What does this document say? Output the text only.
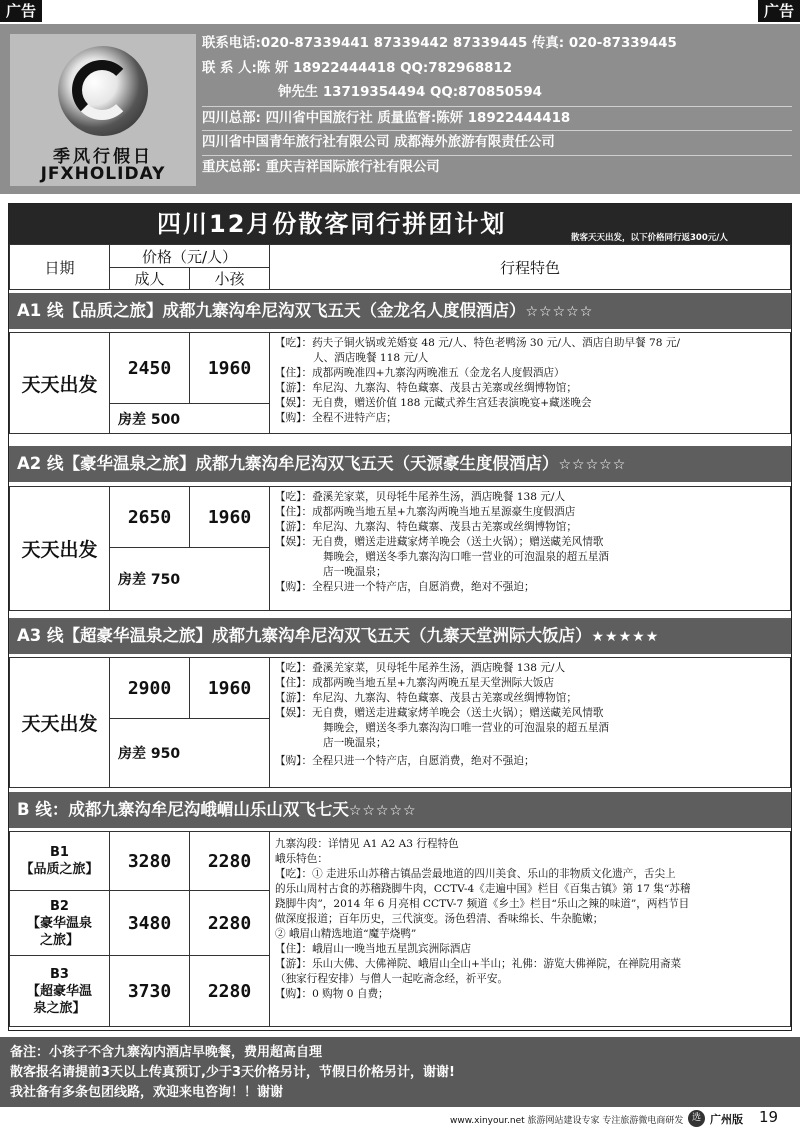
广告	广告
季风行假日
JFXHOLIDAY
联系电话:020-87339441 87339442 87339445 传真: 020-87339445
联 系 人:陈 妍 18922444418 QQ:782968812
钟先生 13719354494 QQ:870850594
四川总部: 四川省中国旅行社 质量监督:陈妍 18922444418
四川省中国青年旅行社有限公司 成都海外旅游有限责任公司
重庆总部: 重庆吉祥国际旅行社有限公司
四川12月份散客同行拼团计划	散客天天出发，以下价格同行返300元/人
日期
价格（元/人）
成人	小孩
行程特色
A1 线【品质之旅】成都九寨沟牟尼沟双飞五天（金龙名人度假酒店）☆☆☆☆☆
天天出发
2450	1960
房差 500
【吃】：药夫子铜火锅或羌婚宴 48 元/人、特色老鸭汤 30 元/人、酒店自助早餐 78 元/
人、酒店晚餐 118 元/人
【住】：成都两晚准四+九寨沟两晚准五（金龙名人度假酒店）
【游】：牟尼沟、九寨沟、特色藏寨、茂县古羌寨或丝绸博物馆；
【娱】：无自费，赠送价值 188 元藏式养生宫廷表演晚宴+藏迷晚会
【购】：全程不进特产店；
A2 线【豪华温泉之旅】成都九寨沟牟尼沟双飞五天（天源豪生度假酒店）☆☆☆☆☆
天天出发
2650	1960
房差 750
【吃】：叠溪羌家菜，贝母牦牛尾养生汤，酒店晚餐 138 元/人
【住】：成都两晚当地五星+九寨沟两晚当地五星源豪生度假酒店
【游】：牟尼沟、九寨沟、特色藏寨、茂县古羌寨或丝绸博物馆；
【娱】：无自费，赠送走进藏家烤羊晚会（送土火锅）；赠送藏羌风情歌
舞晚会，赠送冬季九寨沟沟口唯一营业的可泡温泉的超五星酒
店一晚温泉；
【购】：全程只进一个特产店，自愿消费，绝对不强迫；
A3 线【超豪华温泉之旅】成都九寨沟牟尼沟双飞五天（九寨天堂洲际大饭店）★★★★★
天天出发
2900	1960
房差 950
【吃】：叠溪羌家菜，贝母牦牛尾养生汤，酒店晚餐 138 元/人
【住】：成都两晚当地五星+九寨沟两晚五星天堂洲际大饭店
【游】：牟尼沟、九寨沟、特色藏寨、茂县古羌寨或丝绸博物馆；
【娱】：无自费，赠送走进藏家烤羊晚会（送土火锅）；赠送藏羌风情歌
舞晚会，赠送冬季九寨沟沟口唯一营业的可泡温泉的超五星酒
店一晚温泉；
【购】：全程只进一个特产店，自愿消费，绝对不强迫；
B 线：成都九寨沟牟尼沟峨嵋山乐山双飞七天☆☆☆☆☆
B1
【品质之旅】	3280	2280
B2
【豪华温泉
之旅】
3480	2280
B3
【超豪华温
泉之旅】
3730	2280
九寨沟段：详情见 A1 A2 A3 行程特色
峨乐特色：
【吃】：① 走进乐山苏稽古镇品尝最地道的四川美食、乐山的非物质文化遗产，舌尖上
的乐山周村古食的苏稽跷脚牛肉，CCTV-4《走遍中国》栏目《百集古镇》第 17 集“苏稽
跷脚牛肉”，2014 年 6 月亮相 CCTV-7 频道《乡土》栏目“乐山之辣的味道”，两档节目
做深度报道；百年历史，三代演变。汤色碧清、香味绵长、牛杂脆嫩；
② 峨眉山精选地道“魔芋烧鸭”
【住】：峨眉山一晚当地五星凯宾洲际酒店
【游】：乐山大佛、大佛禅院、峨眉山全山+半山；礼佛：游览大佛禅院，在禅院用斋菜
（独家行程安排）与僧人一起吃斋念经，祈平安。
【购】：0 购物 0 自费；
备注：小孩子不含九寨沟内酒店早晚餐，费用超高自理
散客报名请提前3天以上传真预订,少于3天价格另计，节假日价格另计，谢谢!
我社备有多条包团线路，欢迎来电咨询！！谢谢
www.xinyour.net 旅游网站建设专家 专注旅游微电商研发 选 广州版 19
